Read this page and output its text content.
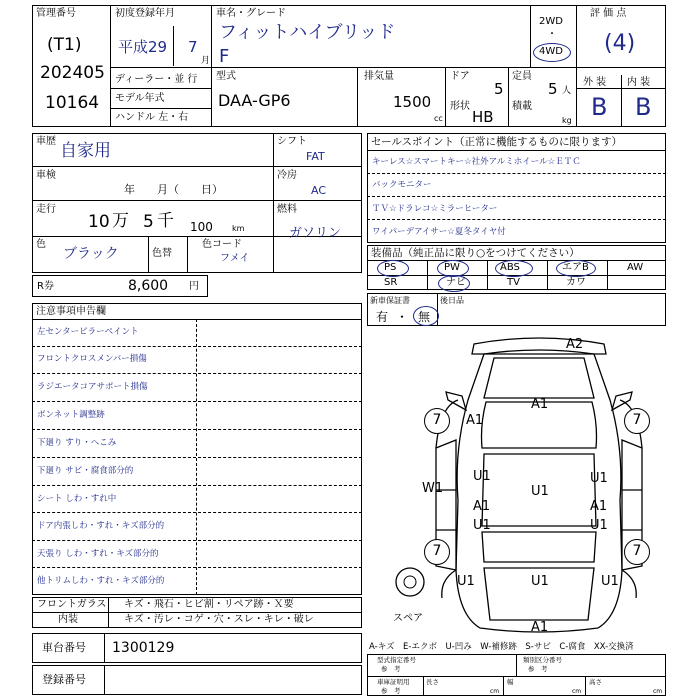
管理番号
(T1)
202405
10164
初度登録年月
平成29 7
月
車名・グレード
フィットハイブリッド
F
2WD
・
4WD
評 価 点
(4)
ディーラー・並 行
モデル年式
ハンドル 左・右
型式
DAA-GP6
排気量
1500
cc
ドア
5
形状
HB
定員
5 人
積載
kg
外 装 内 装
B B
車歴 自家用	シフト
FAT
車検
年　　月（　　日）
冷房
AC
走行
10 万 5 千 100 km
燃料
ガソリン
色
ブラック	色替
色コード
フメイ
R券	8,600 円
セールスポイント（正常に機能するものに限ります）
キーレス☆スマートキー☆社外アルミホイール☆ＥＴＣ
バックモニター
ＴＶ☆ドラレコ☆ミラーヒーター
ワイパーデアイサー☆夏冬タイヤ付
装備品（純正品に限り○をつけてください）
PS	PW	ABS	エアB	AW
SR	ナビ	TV	カワ
新車保証書	後日品
有 ・ 無
注意事項申告欄
左センターピラーペイント
フロントクロスメンバー損傷
ラジエータコアサポート損傷
ボンネット調整跡
下廻り すり・へこみ
下廻り サビ・腐食部分的
シート しわ・すれ中
ドア内張しわ・すれ・キズ部分的
天張り しわ・すれ・キズ部分的
他トリムしわ・すれ・キズ部分的
フロントガラス キズ・飛石・ヒビ割・リペア跡・Ｘ要
内装	キズ・汚レ・コゲ・穴・スレ・キレ・破レ
車台番号 1300129
登録番号
7	7
7	7
A2
A1
A1
W1
U1	U1
U1
A1	A1
U1	U1
U1	U1	U1
A1
スペア
A-キズ　E-エクボ　U-凹み　W-補修跡　S-サビ　C-腐食　XX-交換済
型式指定番号
参　考
類別区分番号
参　考
車庫証明用
参　考
長さ
cm
幅
cm
高さ
cm
